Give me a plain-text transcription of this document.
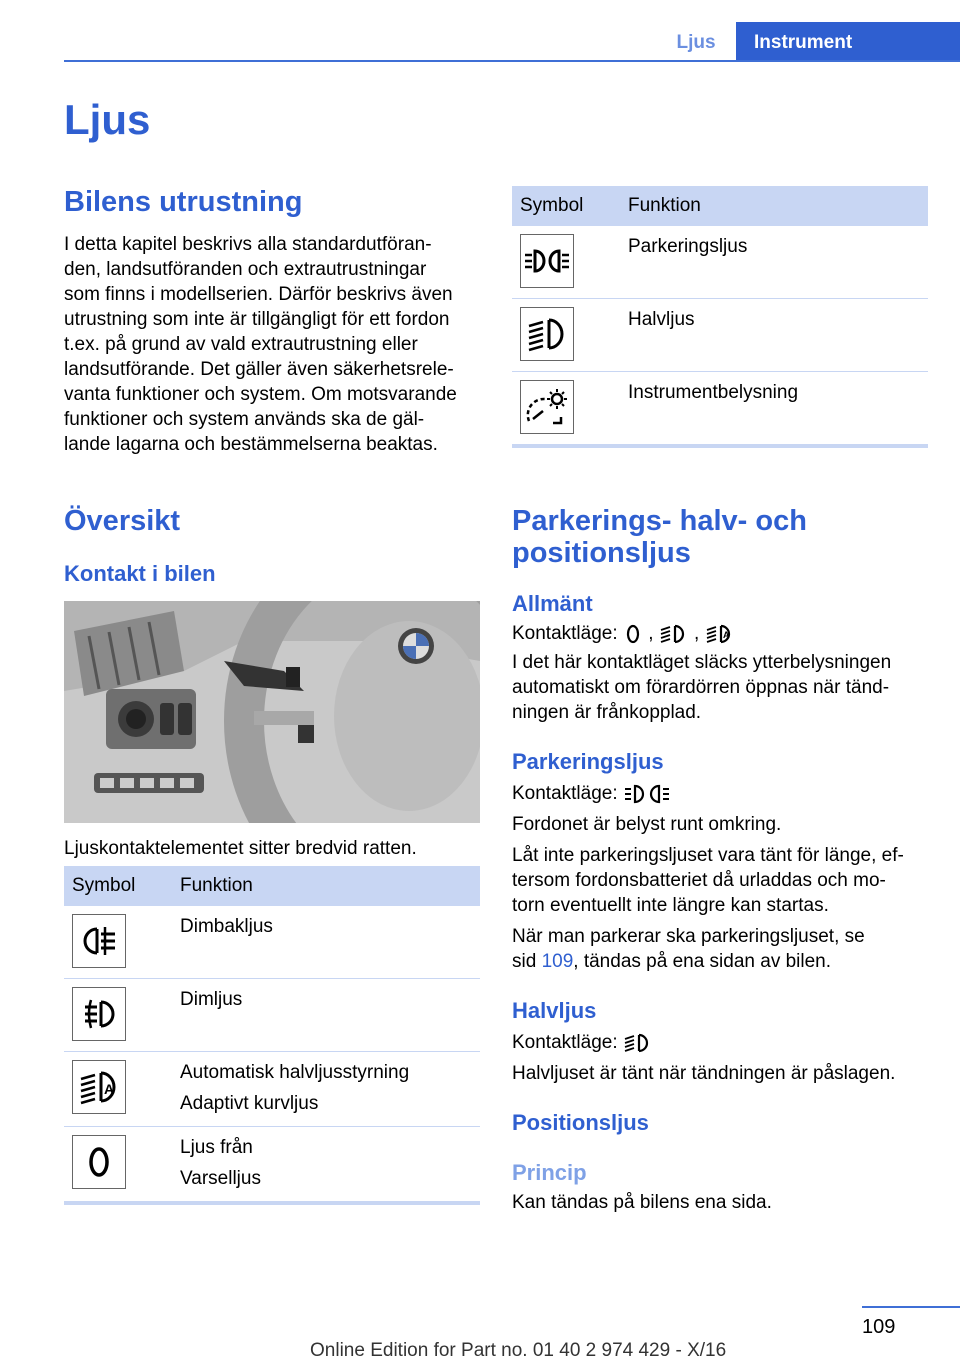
Ljus	Instrument
Ljus
Bilens utrustning

I detta kapitel beskrivs alla standardutföran‐
den, landsutföranden och extrautrustningar
som finns i modellserien. Därför beskrivs även
utrustning som inte är tillgängligt för ett fordon
t.ex. på grund av vald extrautrustning eller
landsutförande. Det gäller även säkerhetsrele‐
vanta funktioner och system. Om motsvarande
funktioner och system används ska de gäl‐
lande lagarna och bestämmelserna beaktas.

Översikt
Kontakt i bilen

Ljuskontaktelementet sitter bredvid ratten.

Symbol	Funktion

	Dimbakljus

	Dimljus

A	Automatisk halvljusstyrning
Adaptivt kurvljus

Ljus från
Varselljus
Symbol	Funktion

	Parkeringsljus

	Halvljus

	Instrumentbelysning
Parkerings- halv- och
positionsljus
Allmänt

Kontaktläge: , ,	A

I det här kontaktläget släcks ytterbelysningen
automatiskt om förardörren öppnas när tänd‐
ningen är frånkopplad.

Parkeringsljus

Kontaktläge:

Fordonet är belyst runt omkring.

Låt inte parkeringsljuset vara tänt för länge, ef‐
tersom fordonsbatteriet då urladdas och mo‐
torn eventuellt inte längre kan startas.

När man parkerar ska parkeringsljuset, se
sid 109, tändas på ena sidan av bilen.

Halvljus

Kontaktläge:

Halvljuset är tänt när tändningen är påslagen.

Positionsljus
Princip

Kan tändas på bilens ena sida.

109
Online Edition for Part no. 01 40 2 974 429 - X/16
